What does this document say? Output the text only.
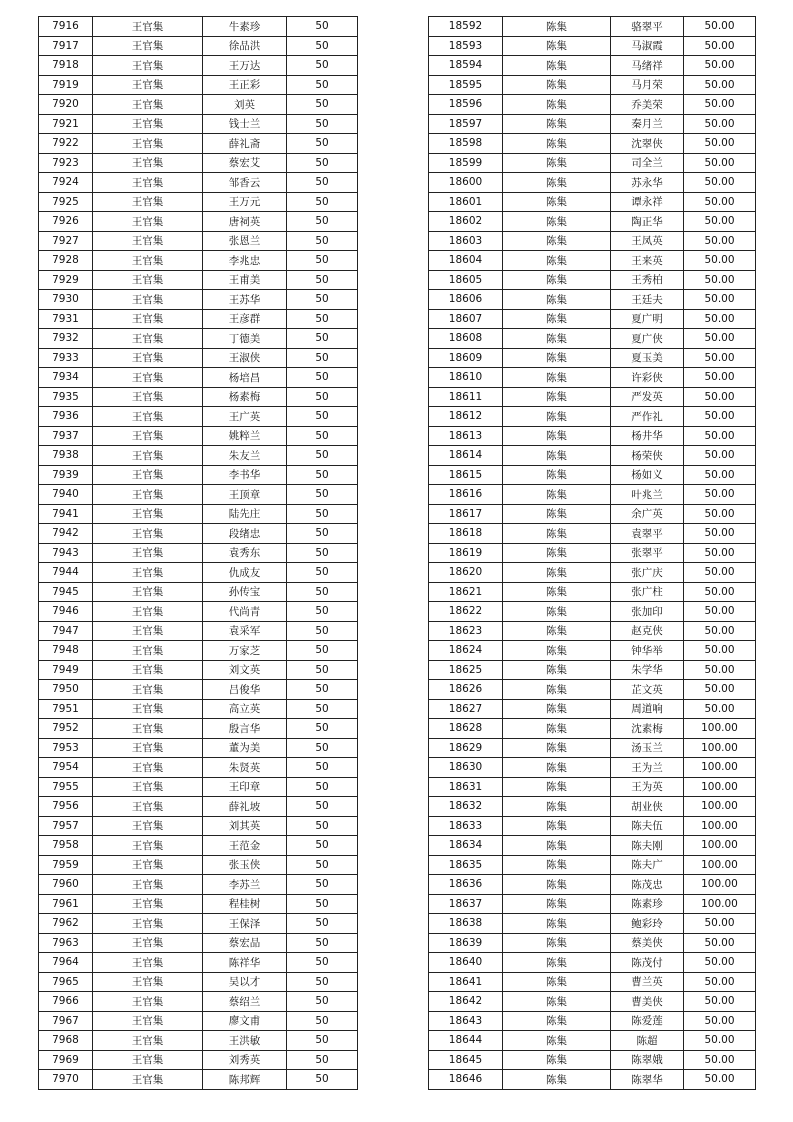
7916	王官集	牛素珍	50
7917	王官集	徐品洪	50
7918	王官集	王万达	50
7919	王官集	王正彩	50
7920	王官集	刘英	50
7921	王官集	钱士兰	50
7922	王官集	薛礼斋	50
7923	王官集	蔡宏艾	50
7924	王官集	邹香云	50
7925	王官集	王万元	50
7926	王官集	唐祠英	50
7927	王官集	张恩兰	50
7928	王官集	李兆忠	50
7929	王官集	王甫美	50
7930	王官集	王苏华	50
7931	王官集	王彦群	50
7932	王官集	丁德美	50
7933	王官集	王淑侠	50
7934	王官集	杨培昌	50
7935	王官集	杨素梅	50
7936	王官集	王广英	50
7937	王官集	姚粹兰	50
7938	王官集	朱友兰	50
7939	王官集	李书华	50
7940	王官集	王顶章	50
7941	王官集	陆先庄	50
7942	王官集	段绪忠	50
7943	王官集	袁秀东	50
7944	王官集	仇成友	50
7945	王官集	孙传宝	50
7946	王官集	代尚青	50
7947	王官集	袁采军	50
7948	王官集	万家芝	50
7949	王官集	刘文英	50
7950	王官集	吕俊华	50
7951	王官集	高立英	50
7952	王官集	殷言华	50
7953	王官集	董为美	50
7954	王官集	朱贤英	50
7955	王官集	王印章	50
7956	王官集	薛礼坡	50
7957	王官集	刘其英	50
7958	王官集	王范金	50
7959	王官集	张玉侠	50
7960	王官集	李苏兰	50
7961	王官集	程桂树	50
7962	王官集	王保泽	50
7963	王官集	蔡宏品	50
7964	王官集	陈祥华	50
7965	王官集	吴以才	50
7966	王官集	蔡绍兰	50
7967	王官集	廖文甫	50
7968	王官集	王洪敏	50
7969	王官集	刘秀英	50
7970	王官集	陈邦辉	50
18592	陈集	骆翠平	50.00
18593	陈集	马淑霞	50.00
18594	陈集	马绪祥	50.00
18595	陈集	马月荣	50.00
18596	陈集	乔美荣	50.00
18597	陈集	秦月兰	50.00
18598	陈集	沈翠侠	50.00
18599	陈集	司全兰	50.00
18600	陈集	苏永华	50.00
18601	陈集	谭永祥	50.00
18602	陈集	陶正华	50.00
18603	陈集	王凤英	50.00
18604	陈集	王来英	50.00
18605	陈集	王秀柏	50.00
18606	陈集	王廷夫	50.00
18607	陈集	夏广明	50.00
18608	陈集	夏广侠	50.00
18609	陈集	夏玉美	50.00
18610	陈集	许彩侠	50.00
18611	陈集	严发英	50.00
18612	陈集	严作礼	50.00
18613	陈集	杨井华	50.00
18614	陈集	杨荣侠	50.00
18615	陈集	杨如义	50.00
18616	陈集	叶兆兰	50.00
18617	陈集	余广英	50.00
18618	陈集	袁翠平	50.00
18619	陈集	张翠平	50.00
18620	陈集	张广庆	50.00
18621	陈集	张广柱	50.00
18622	陈集	张加印	50.00
18623	陈集	赵克侠	50.00
18624	陈集	钟华举	50.00
18625	陈集	朱学华	50.00
18626	陈集	芷文英	50.00
18627	陈集	周道响	50.00
18628	陈集	沈素梅	100.00
18629	陈集	汤玉兰	100.00
18630	陈集	王为兰	100.00
18631	陈集	王为英	100.00
18632	陈集	胡业侠	100.00
18633	陈集	陈夫伍	100.00
18634	陈集	陈夫刚	100.00
18635	陈集	陈夫广	100.00
18636	陈集	陈茂忠	100.00
18637	陈集	陈素珍	100.00
18638	陈集	鲍彩玲	50.00
18639	陈集	蔡美侠	50.00
18640	陈集	陈茂付	50.00
18641	陈集	曹兰英	50.00
18642	陈集	曹美侠	50.00
18643	陈集	陈爱莲	50.00
18644	陈集	陈超	50.00
18645	陈集	陈翠娥	50.00
18646	陈集	陈翠华	50.00
